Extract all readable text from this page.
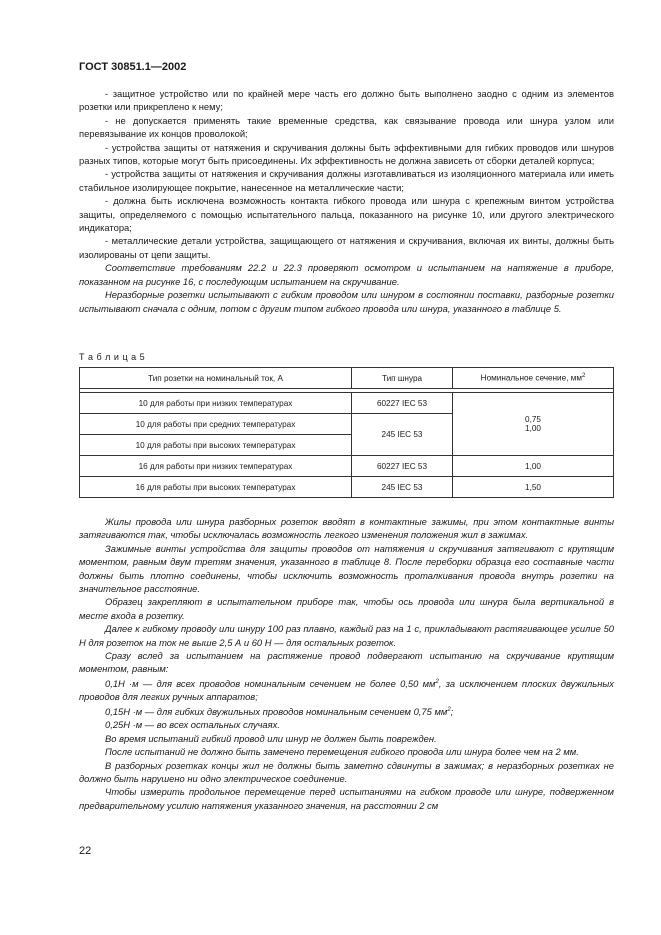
ГОСТ 30851.1—2002

- защитное устройство или по крайней мере часть его должно быть выполнено заодно с одним из элементов розетки или прикреплено к нему;

- не допускается применять такие временные средства, как связывание провода или шнура узлом или перевязывание их концов проволокой;

- устройства защиты от натяжения и скручивания должны быть эффективными для гибких проводов или шнуров разных типов, которые могут быть присоединены. Их эффективность не должна зависеть от сборки деталей корпуса;

- устройства защиты от натяжения и скручивания должны изготавливаться из изоляционного материала или иметь стабильное изолирующее покрытие, нанесенное на металлические части;

- должна быть исключена возможность контакта гибкого провода или шнура с крепежным винтом устройства защиты, определяемого с помощью испытательного пальца, показанного на рисунке 10, или другого электрического индикатора;

- металлические детали устройства, защищающего от натяжения и скручивания, включая их винты, должны быть изолированы от цепи защиты.

Соответствие требованиям 22.2 и 22.3 проверяют осмотром и испытанием на натяжение в приборе, показанном на рисунке 16, с последующим испытанием на скручивание.

Неразборные розетки испытывают с гибким проводом или шнуром в состоянии поставки, разборные розетки испытывают сначала с одним, потом с другим типом гибкого провода или шнура, указанного в таблице 5.

Т а б л и ц а 5
Тип розетки на номинальный ток, А	Тип шнура	Номинальное сечение, $мм^2$

10 для работы при низких температурах	60227 IEC 53	0,75
1,00

10 для работы при средних температурах	245 IEC 53	
10 для работы при высоких температурах		
16 для работы при низких температурах	60227 IEC 53	1,00
16 для работы при высоких температурах	245 IEC 53	1,50

Жилы провода или шнура разборных розеток вводят в контактные зажимы, при этом контактные винты затягиваются так, чтобы исключалась возможность легкого изменения положения жил в зажимах.

Зажимные винты устройства для защиты проводов от натяжения и скручивания затягивают с крутящим моментом, равным двум третям значения, указанного в таблице 8. После переборки образца его составные части должны быть плотно соединены, чтобы исключить возможность проталкивания провода внутрь розетки на значительное расстояние.

Образец закрепляют в испытательном приборе так, чтобы ось провода или шнура была вертикальной в месте входа в розетку.

Далее к гибкому проводу или шнуру 100 раз плавно, каждый раз на 1 с, прикладывают растягивающее усилие 50 Н для розеток на ток не выше 2,5 А и 60 Н — для остальных розеток.

Сразу вслед за испытанием на растяжение провод подвергают испытанию на скручивание крутящим моментом, равным:

0,1Н ·м — для всех проводов номинальным сечением не более 0,50 $мм^2$, за исключением плоских двужильных проводов для легких ручных аппаратов;

0,15Н ·м — для гибких двужильных проводов номинальным сечением 0,75 $мм^2$;

0,25Н ·м — во всех остальных случаях.

Во время испытаний гибкий провод или шнур не должен быть поврежден.

После испытаний не должно быть замечено перемещения гибкого провода или шнура более чем на 2 мм.

В разборных розетках концы жил не должны быть заметно сдвинуты в зажимах; в неразборных розетках не должно быть нарушено ни одно электрическое соединение.

Чтобы измерить продольное перемещение перед испытаниями на гибком проводе или шнуре, подверженном предварительному усилию натяжения указанного значения, на расстоянии 2 см

22
